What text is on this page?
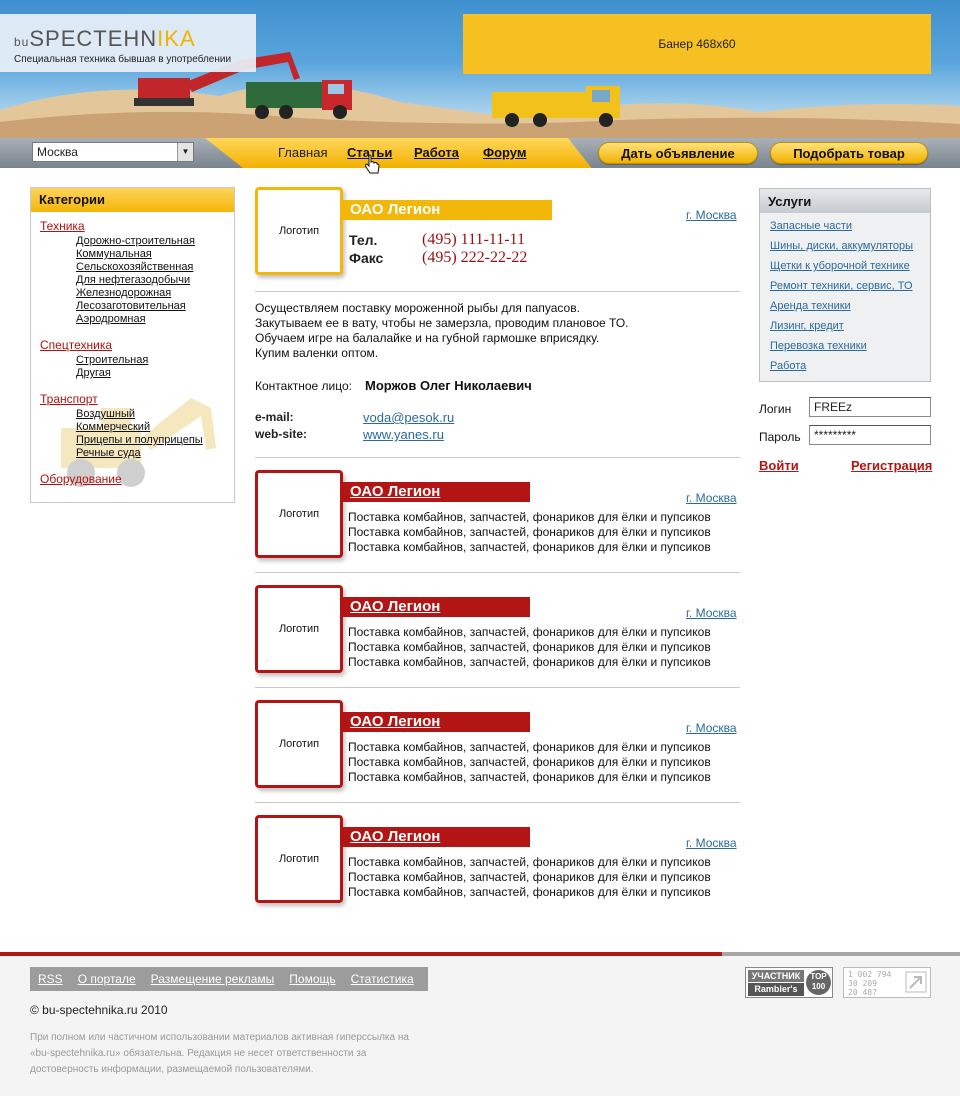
buSPECTEHNIKA
Специальная техника бывшая в употреблении
Банер 468х60
Москва	▼	Главная Статьи Работа Форум	Дать объявление	Подобрать товар
Категории
Техника
Дорожно-строительная
Коммунальная
Сельскохозяйственная
Для нефтегазодобычи
Железнодорожная
Лесозаготовительная
Аэродромная
Спецтехника
Строительная
Другая
Транспорт
Воздушный
Коммерческий
Прицепы и полуприцепы
Речные суда
Оборудование
Логотип
ОАО Легион	г. Москва
Тел.	(495) 111-11-11
Факс (495) 222-22-22
Осуществляем поставку мороженной рыбы для папуасов.
Закутываем ее в вату, чтобы не замерзла, проводим плановое ТО.
Обучаем игре на балалайке и на губной гармошке вприсядку.
Купим валенки оптом.
Контактное лицо: Моржов Олег Николаевич
e-mail:	voda@pesok.ru
web-site:	www.yanes.ru
Логотип
ОАО Легион	г. Москва
Поставка комбайнов, запчастей, фонариков для ёлки и пупсиков
Поставка комбайнов, запчастей, фонариков для ёлки и пупсиков
Поставка комбайнов, запчастей, фонариков для ёлки и пупсиков
Логотип
ОАО Легион	г. Москва
Поставка комбайнов, запчастей, фонариков для ёлки и пупсиков
Поставка комбайнов, запчастей, фонариков для ёлки и пупсиков
Поставка комбайнов, запчастей, фонариков для ёлки и пупсиков
Логотип
ОАО Легион	г. Москва
Поставка комбайнов, запчастей, фонариков для ёлки и пупсиков
Поставка комбайнов, запчастей, фонариков для ёлки и пупсиков
Поставка комбайнов, запчастей, фонариков для ёлки и пупсиков
Логотип
ОАО Легион	г. Москва
Поставка комбайнов, запчастей, фонариков для ёлки и пупсиков
Поставка комбайнов, запчастей, фонариков для ёлки и пупсиков
Поставка комбайнов, запчастей, фонариков для ёлки и пупсиков
Услуги
Запасные части
Шины, диски, аккумуляторы
Щетки к уборочной технике
Ремонт техники, сервис, ТО
Аренда техники
Лизинг, кредит
Перевозка техники
Работа
Логин	FREEz
Пароль	*********
Войти	Регистрация
RSS О портале Размещение рекламы Помощь Статистика
© bu-spectehnika.ru 2010
При полном или частичном использовании материалов активная гиперссылка на «bu-spectehnika.ru» обязательна. Редакция не несет ответственности за достоверность информации, размещаемой пользователями.
УЧАСТНИК
Rambler's
TOP 100
1 002 794
30 209
20 487
